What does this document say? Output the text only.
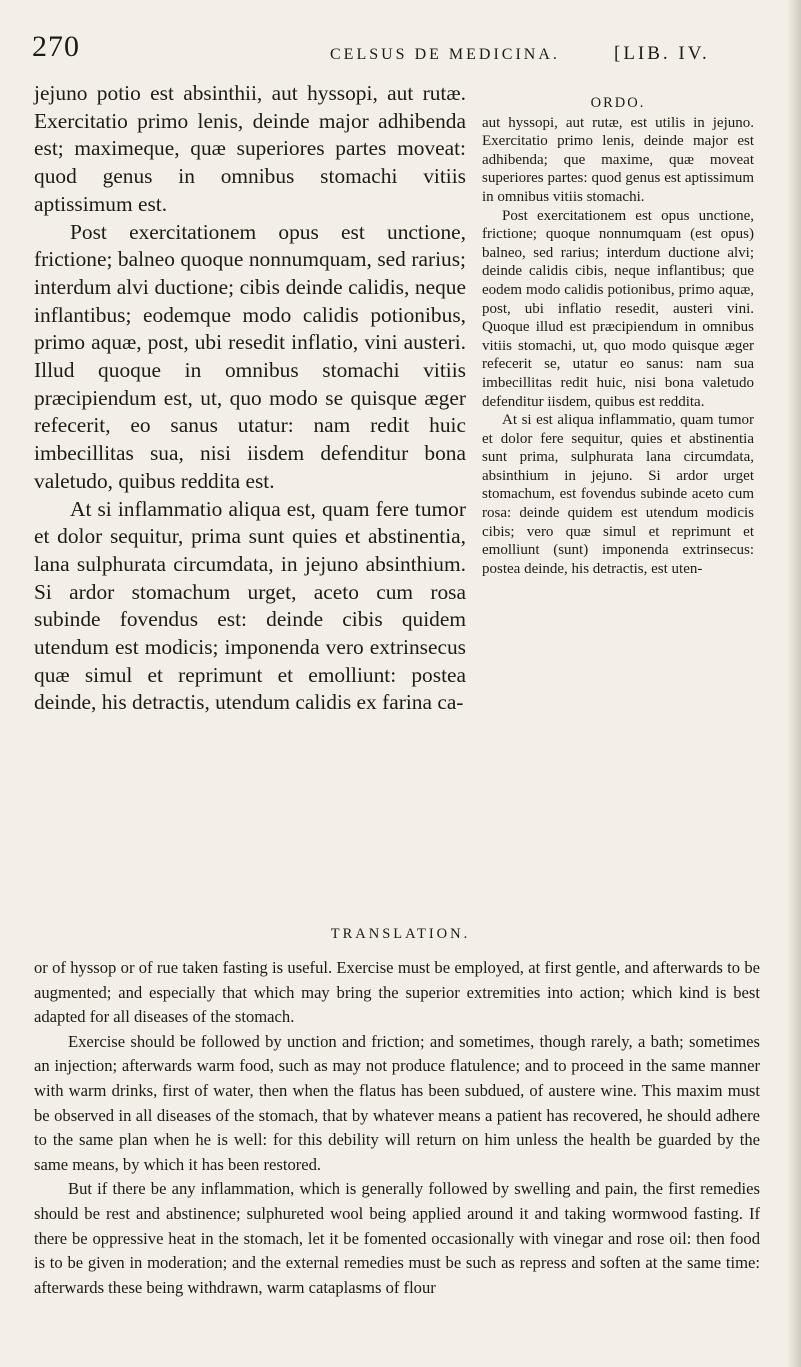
270	CELSUS DE MEDICINA.	[LIB. IV.

jejuno potio est absinthii, aut hyssopi, aut rutæ. Exercitatio primo lenis, deinde major adhibenda est; maximeque, quæ superiores partes moveat: quod genus in omnibus stomachi vitiis aptissimum est.

Post exercitationem opus est unctione, frictione; balneo quoque nonnumquam, sed rarius; interdum alvi ductione; cibis deinde calidis, neque inflantibus; eodemque modo calidis potionibus, primo aquæ, post, ubi resedit inflatio, vini austeri. Illud quoque in omnibus stomachi vitiis præcipiendum est, ut, quo modo se quisque æger refecerit, eo sanus utatur: nam redit huic imbecillitas sua, nisi iisdem defenditur bona valetudo, quibus reddita est.

At si inflammatio aliqua est, quam fere tumor et dolor sequitur, prima sunt quies et abstinentia, lana sulphurata circumdata, in jejuno absinthium. Si ardor stomachum urget, aceto cum rosa subinde fovendus est: deinde cibis quidem utendum est modicis; imponenda vero extrinsecus quæ simul et reprimunt et emolliunt: postea deinde, his detractis, utendum calidis ex farina ca-

ORDO.

aut hyssopi, aut rutæ, est utilis in jejuno. Exercitatio primo lenis, deinde major est adhibenda; que maxime, quæ moveat superiores partes: quod genus est aptissimum in omnibus vitiis stomachi.

Post exercitationem est opus unctione, frictione; quoque nonnumquam (est opus) balneo, sed rarius; interdum ductione alvi; deinde calidis cibis, neque inflantibus; que eodem modo calidis potionibus, primo aquæ, post, ubi inflatio resedit, austeri vini. Quoque illud est præcipiendum in omnibus vitiis stomachi, ut, quo modo quisque æger refecerit se, utatur eo sanus: nam sua imbecillitas redit huic, nisi bona valetudo defenditur iisdem, quibus est reddita.

At si est aliqua inflammatio, quam tumor et dolor fere sequitur, quies et abstinentia sunt prima, sulphurata lana circumdata, absinthium in jejuno. Si ardor urget stomachum, est fovendus subinde aceto cum rosa: deinde quidem est utendum modicis cibis; vero quæ simul et reprimunt et emolliunt (sunt) imponenda extrinsecus: postea deinde, his detractis, est uten-

TRANSLATION.

or of hyssop or of rue taken fasting is useful. Exercise must be employed, at first gentle, and afterwards to be augmented; and especially that which may bring the superior extremities into action; which kind is best adapted for all diseases of the stomach.

Exercise should be followed by unction and friction; and sometimes, though rarely, a bath; sometimes an injection; afterwards warm food, such as may not produce flatulence; and to proceed in the same manner with warm drinks, first of water, then when the flatus has been subdued, of austere wine. This maxim must be observed in all diseases of the stomach, that by whatever means a patient has recovered, he should adhere to the same plan when he is well: for this debility will return on him unless the health be guarded by the same means, by which it has been restored.

But if there be any inflammation, which is generally followed by swelling and pain, the first remedies should be rest and abstinence; sulphureted wool being applied around it and taking wormwood fasting. If there be oppressive heat in the stomach, let it be fomented occasionally with vinegar and rose oil: then food is to be given in moderation; and the external remedies must be such as repress and soften at the same time: afterwards these being withdrawn, warm cataplasms of flour
